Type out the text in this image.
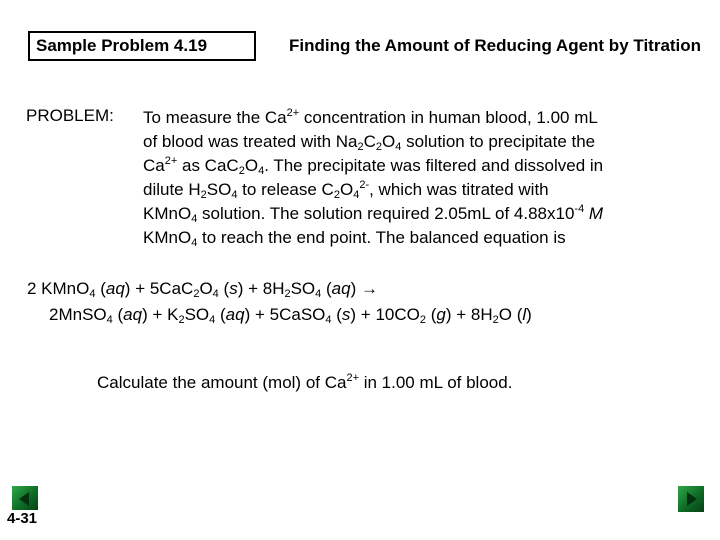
Sample Problem 4.19	Finding the Amount of Reducing Agent by Titration
PROBLEM: To measure the $Ca^{2+}$ concentration in human blood, 1.00 mL
of blood was treated with $Na_2C_2O_4$ solution to precipitate the
$Ca^{2+}$ as $CaC_2O_4$. The precipitate was filtered and dissolved in
dilute $H_2SO_4$ to release $C_2O_4^{2-}$, which was titrated with
KMnO$_4$ solution. The solution required 2.05mL of $4.88x10^{-4}$ M
KMnO$_4$ to reach the end point. The balanced equation is
2 KMnO$_4$ $(aq) + 5CaC_2O_4$ $(s) + 8H_2SO_4$ (aq) →
2MnSO$_4$ $(aq) + K_2SO_4$ (aq) + 5CaSO$_4$ $(s) + 10CO_2$ $(g) + 8H_2O$ (l)
Calculate the amount (mol) of $Ca^{2+}$ in 1.00 mL of blood.
4-31
